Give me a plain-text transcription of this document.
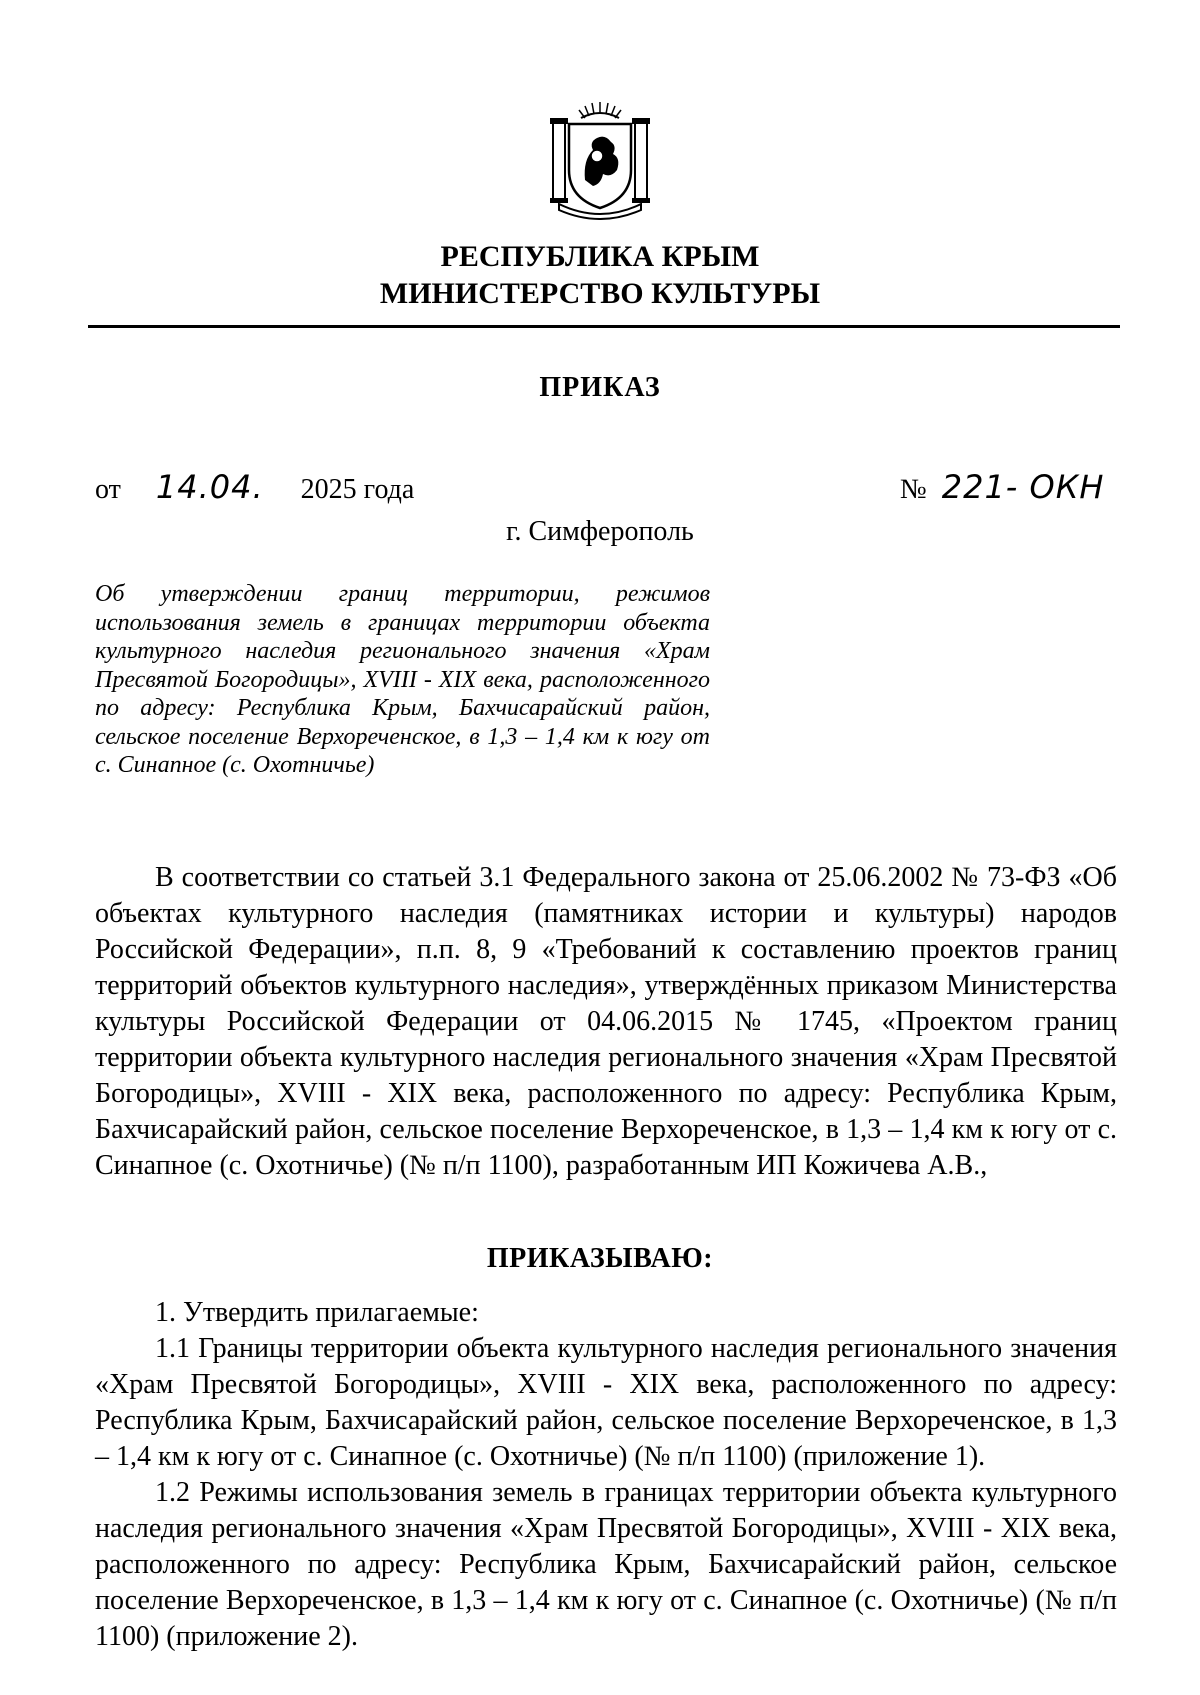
РЕСПУБЛИКА КРЫМ
МИНИСТЕРСТВО КУЛЬТУРЫ
ПРИКАЗ
от 14.04. 2025 года	№ 221- ОКН
г. Симферополь
Об утверждении границ территории, режимов использования земель в границах территории объекта культурного наследия регионального значения «Храм Пресвятой Богородицы», XVIII - XIX века, расположенного по адресу: Республика Крым, Бахчисарайский район, сельское поселение Верхореченское, в 1,3 – 1,4 км к югу от с. Синапное (с. Охотничье)

В соответствии со статьей 3.1 Федерального закона от 25.06.2002 № 73-ФЗ «Об объектах культурного наследия (памятниках истории и культуры) народов Российской Федерации», п.п. 8, 9 «Требований к составлению проектов границ территорий объектов культурного наследия», утверждённых приказом Министерства культуры Российской Федерации от 04.06.2015 № 1745, «Проектом границ территории объекта культурного наследия регионального значения «Храм Пресвятой Богородицы», XVIII - XIX века, расположенного по адресу: Республика Крым, Бахчисарайский район, сельское поселение Верхореченское, в 1,3 – 1,4 км к югу от с. Синапное (с. Охотничье) (№ п/п 1100), разработанным ИП Кожичева А.В.,

ПРИКАЗЫВАЮ:

1. Утвердить прилагаемые:

1.1 Границы территории объекта культурного наследия регионального значения «Храм Пресвятой Богородицы», XVIII - XIX века, расположенного по адресу: Республика Крым, Бахчисарайский район, сельское поселение Верхореченское, в 1,3 – 1,4 км к югу от с. Синапное (с. Охотничье) (№ п/п 1100) (приложение 1).

1.2 Режимы использования земель в границах территории объекта культурного наследия регионального значения «Храм Пресвятой Богородицы», XVIII - XIX века, расположенного по адресу: Республика Крым, Бахчисарайский район, сельское поселение Верхореченское, в 1,3 – 1,4 км к югу от с. Синапное (с. Охотничье) (№ п/п 1100) (приложение 2).
